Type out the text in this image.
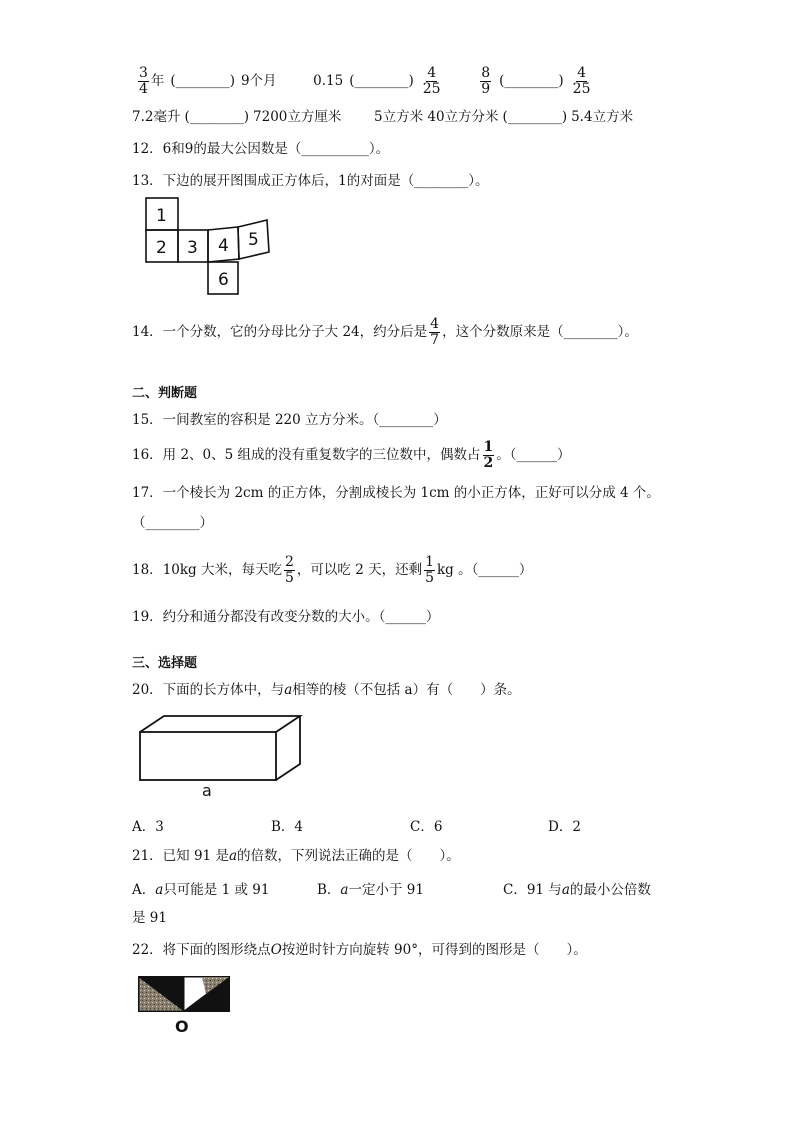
$\frac{3}{4}$ 年 (________) 9个月	0.15 (________) $\frac{4}{25}$
	$\frac{8}{9}$ (________) $\frac{4}{25}$
7.2毫升 (________) 7200立方厘米 5立方米 40立方分米 (________) 5.4立方米
12．6和9的最大公因数是（__________）。
13．下边的展开图围成正方体后，1的对面是（________）。
1
2 3 4 5
6
14．一个分数，它的分母比分子大 24，约分后是 $\frac{4}{7}$ ，这个分数原来是（________）。
二、判断题
15．一间教室的容积是 220 立方分米。（________）
16．用 2、0、5 组成的没有重复数字的三位数中，偶数占 $\frac{1}{2}$ 。（______）
17．一个棱长为 2cm 的正方体，分割成棱长为 1cm 的小正方体，正好可以分成 4 个。
（________）
18．10kg 大米，每天吃 $\frac{2}{5}$ ，可以吃 2 天，还剩 $\frac{1}{5}$ kg 。（______）
19．约分和通分都没有改变分数的大小。（______）
三、选择题
20．下面的长方体中，与a相等的棱（不包括 a）有（　　）条。
a
A．3	B．4	C．6	D．2
21．已知 91 是a的倍数，下列说法正确的是（　　）。
A．a只可能是 1 或 91	B．a一定小于 91	C．91 与a的最小公倍数
是 91
22．将下面的图形绕点O按逆时针方向旋转 90°，可得到的图形是（　　）。
O
